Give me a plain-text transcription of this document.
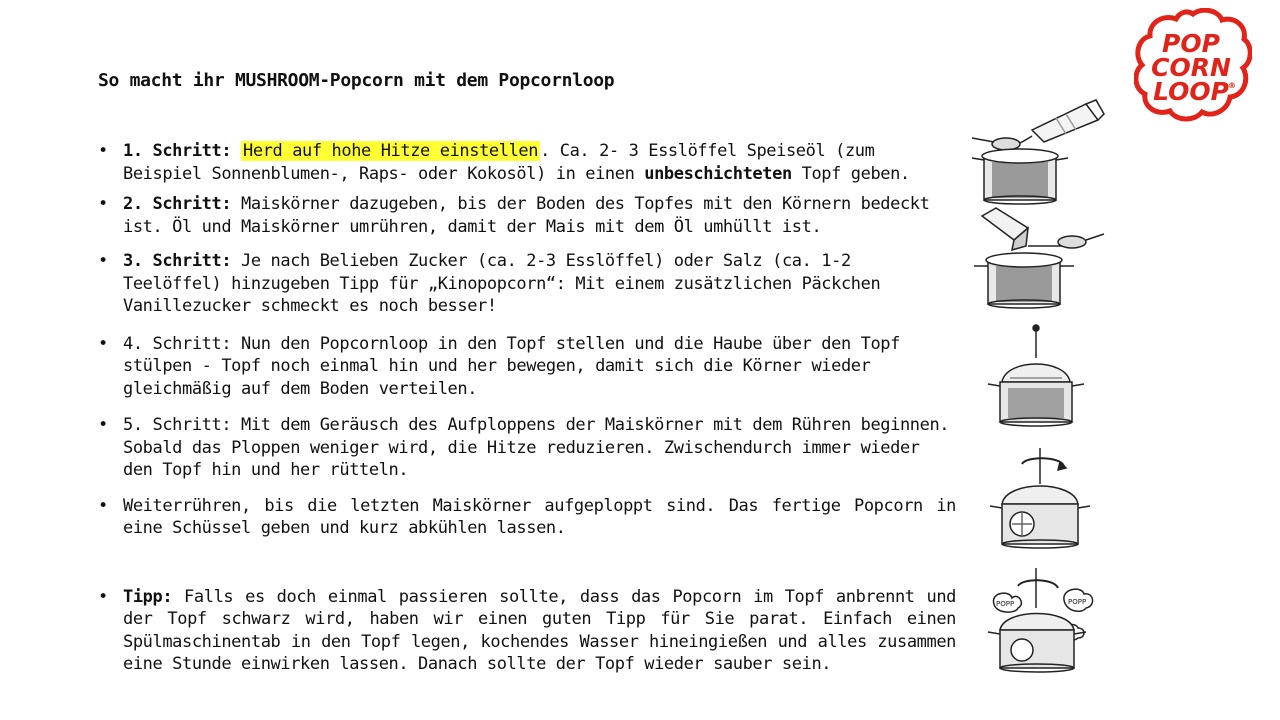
So macht ihr MUSHROOM-Popcorn mit dem Popcornloop
• 1. Schritt: Herd auf hohe Hitze einstellen . Ca. 2- 3 Esslöffel Speiseöl (zum Beispiel Sonnenblumen-, Raps- oder Kokosöl) in einen unbeschichteten Topf geben.
• 2. Schritt: Maiskörner dazugeben, bis der Boden des Topfes mit den Körnern bedeckt ist. Öl und Maiskörner umrühren, damit der Mais mit dem Öl umhüllt ist.
• 3. Schritt: Je nach Belieben Zucker (ca. 2-3 Esslöffel) oder Salz (ca. 1-2 Teelöffel) hinzugeben Tipp für „Kinopopcorn“: Mit einem zusätzlichen Päckchen Vanillezucker schmeckt es noch besser!
• 4. Schritt: Nun den Popcornloop in den Topf stellen und die Haube über den Topf stülpen - Topf noch einmal hin und her bewegen, damit sich die Körner wieder gleichmäßig auf dem Boden verteilen.
• 5. Schritt: Mit dem Geräusch des Aufploppens der Maiskörner mit dem Rühren beginnen. Sobald das Ploppen weniger wird, die Hitze reduzieren. Zwischendurch immer wieder den Topf hin und her rütteln.
• Weiterrühren, bis die letzten Maiskörner aufgeploppt sind. Das fertige Popcorn in eine Schüssel geben und kurz abkühlen lassen.
• Tipp: Falls es doch einmal passieren sollte, dass das Popcorn im Topf anbrennt und der Topf schwarz wird, haben wir einen guten Tipp für Sie parat. Einfach einen Spülmaschinentab in den Topf legen, kochendes Wasser hineingießen und alles zusammen eine Stunde einwirken lassen. Danach sollte der Topf wieder sauber sein.
POP
CORN
LOOP ®
POPP	POPP
